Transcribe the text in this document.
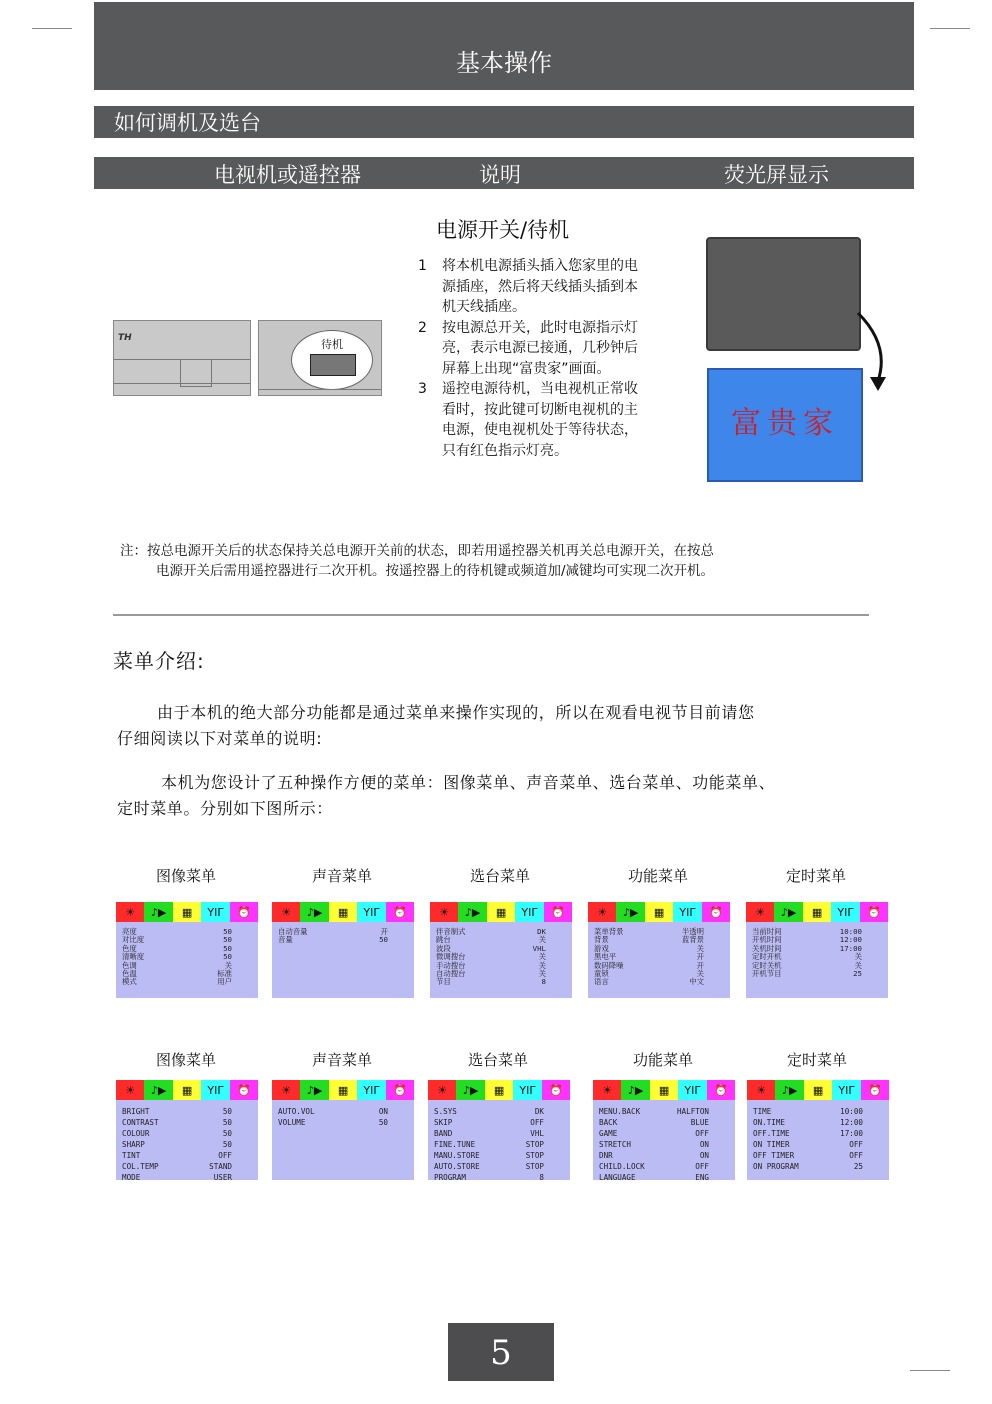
基本操作
如何调机及选台
电视机或遥控器	说明	荧光屏显示
电源开关/待机
TH	待机
1 将本机电源插头插入您家里的电源插座，然后将天线插头插到本机天线插座。
2 按电源总开关，此时电源指示灯亮，表示电源已接通，几秒钟后屏幕上出现“富贵家”画面。
3 遥控电源待机，当电视机正常收看时，按此键可切断电视机的主电源，使电视机处于等待状态，只有红色指示灯亮。
富贵家
注：按总电源开关后的状态保持关总电源开关前的状态，即若用遥控器关机再关总电源开关，在按总
电源开关后需用遥控器进行二次开机。按遥控器上的待机键或频道加/减键均可实现二次开机。
菜单介绍:
由于本机的绝大部分功能都是通过菜单来操作实现的，所以在观看电视节目前请您
仔细阅读以下对菜单的说明:
本机为您设计了五种操作方便的菜单：图像菜单、声音菜单、选台菜单、功能菜单、
定时菜单。分别如下图所示：
图像菜单
☀	♪▶	▦	ΥΙΓ	⏰
亮度	50
对比度	50
色度	50
清晰度	50
色调	关
色温	标准
模式	用户
声音菜单
☀	♪▶	▦	ΥΙΓ	⏰
自动音量	开
音量	50
选台菜单
☀	♪▶	▦	ΥΙΓ	⏰
伴音制式	DK
跳台	关
波段	VHL
微调搜台	关
手动搜台	关
自动搜台	关
节目	8
功能菜单
☀	♪▶	▦	ΥΙΓ	⏰
菜单背景	半透明
背景	蓝背景
游戏	关
黑电平	开
数码降噪	开
童锁	关
语言	中文
定时菜单
☀	♪▶	▦	ΥΙΓ	⏰
当前时间	10:00
开机时间	12:00
关机时间	17:00
定时开机	关
定时关机	关
开机节目	25
图像菜单
☀	♪▶	▦	ΥΙΓ	⏰
BRIGHT	50
CONTRAST	50
COLOUR	50
SHARP	50
TINT	OFF
COL.TEMP	STAND
MODE	USER
声音菜单
☀	♪▶	▦	ΥΙΓ	⏰
AUTO.VOL	ON
VOLUME	50
选台菜单
☀	♪▶	▦	ΥΙΓ	⏰
S.SYS	DK
SKIP	OFF
BAND	VHL
FINE.TUNE	STOP
MANU.STORE	STOP
AUTO.STORE	STOP
PROGRAM	8
功能菜单
☀	♪▶	▦	ΥΙΓ	⏰
MENU.BACK	HALFTON
BACK	BLUE
GAME	OFF
STRETCH	ON
DNR	ON
CHILD.LOCK	OFF
LANGUAGE	ENG
定时菜单
☀	♪▶	▦	ΥΙΓ	⏰
TIME	10:00
ON.TIME	12:00
OFF.TIME	17:00
ON TIMER	OFF
OFF TIMER	OFF
ON PROGRAM	25
5
